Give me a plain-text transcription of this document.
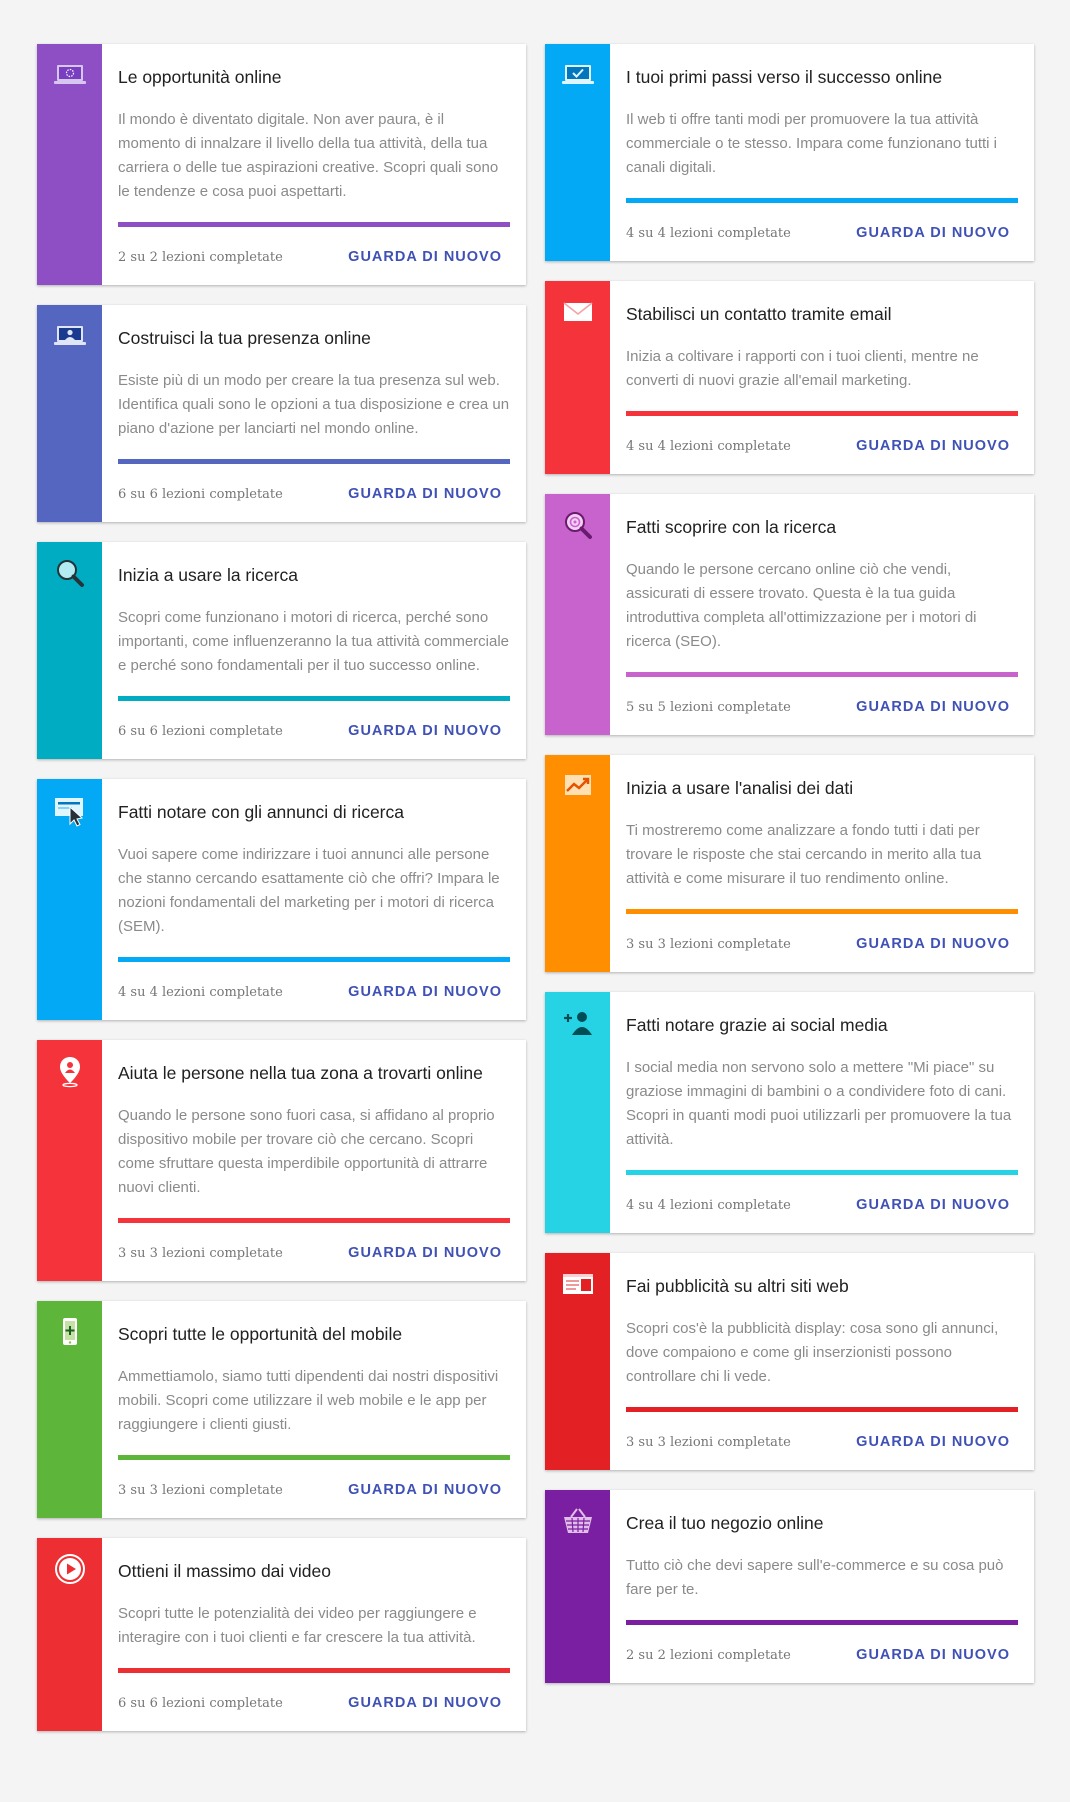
Le opportunità online
Il mondo è diventato digitale. Non aver paura, è il momento di innalzare il livello della tua attività, della tua carriera o delle tue aspirazioni creative. Scopri quali sono le tendenze e cosa puoi aspettarti.
2 su 2 lezioni completate	GUARDA DI NUOVO
Costruisci la tua presenza online
Esiste più di un modo per creare la tua presenza sul web. Identifica quali sono le opzioni a tua disposizione e crea un piano d'azione per lanciarti nel mondo online.
6 su 6 lezioni completate	GUARDA DI NUOVO
Inizia a usare la ricerca
Scopri come funzionano i motori di ricerca, perché sono importanti, come influenzeranno la tua attività commerciale e perché sono fondamentali per il tuo successo online.
6 su 6 lezioni completate	GUARDA DI NUOVO
Fatti notare con gli annunci di ricerca
Vuoi sapere come indirizzare i tuoi annunci alle persone che stanno cercando esattamente ciò che offri? Impara le nozioni fondamentali del marketing per i motori di ricerca (SEM).
4 su 4 lezioni completate	GUARDA DI NUOVO
Aiuta le persone nella tua zona a trovarti online
Quando le persone sono fuori casa, si affidano al proprio dispositivo mobile per trovare ciò che cercano. Scopri come sfruttare questa imperdibile opportunità di attrarre nuovi clienti.
3 su 3 lezioni completate	GUARDA DI NUOVO
Scopri tutte le opportunità del mobile
Ammettiamolo, siamo tutti dipendenti dai nostri dispositivi mobili. Scopri come utilizzare il web mobile e le app per raggiungere i clienti giusti.
3 su 3 lezioni completate	GUARDA DI NUOVO
Ottieni il massimo dai video
Scopri tutte le potenzialità dei video per raggiungere e interagire con i tuoi clienti e far crescere la tua attività.
6 su 6 lezioni completate	GUARDA DI NUOVO
I tuoi primi passi verso il successo online
Il web ti offre tanti modi per promuovere la tua attività commerciale o te stesso. Impara come funzionano tutti i canali digitali.
4 su 4 lezioni completate	GUARDA DI NUOVO
Stabilisci un contatto tramite email
Inizia a coltivare i rapporti con i tuoi clienti, mentre ne converti di nuovi grazie all'email marketing.
4 su 4 lezioni completate	GUARDA DI NUOVO
Fatti scoprire con la ricerca
Quando le persone cercano online ciò che vendi, assicurati di essere trovato. Questa è la tua guida introduttiva completa all'ottimizzazione per i motori di ricerca (SEO).
5 su 5 lezioni completate	GUARDA DI NUOVO
Inizia a usare l'analisi dei dati
Ti mostreremo come analizzare a fondo tutti i dati per trovare le risposte che stai cercando in merito alla tua attività e come misurare il tuo rendimento online.
3 su 3 lezioni completate	GUARDA DI NUOVO
Fatti notare grazie ai social media
I social media non servono solo a mettere "Mi piace" su graziose immagini di bambini o a condividere foto di cani. Scopri in quanti modi puoi utilizzarli per promuovere la tua attività.
4 su 4 lezioni completate	GUARDA DI NUOVO
Fai pubblicità su altri siti web
Scopri cos'è la pubblicità display: cosa sono gli annunci, dove compaiono e come gli inserzionisti possono controllare chi li vede.
3 su 3 lezioni completate	GUARDA DI NUOVO
Crea il tuo negozio online
Tutto ciò che devi sapere sull'e-commerce e su cosa può fare per te.
2 su 2 lezioni completate	GUARDA DI NUOVO
